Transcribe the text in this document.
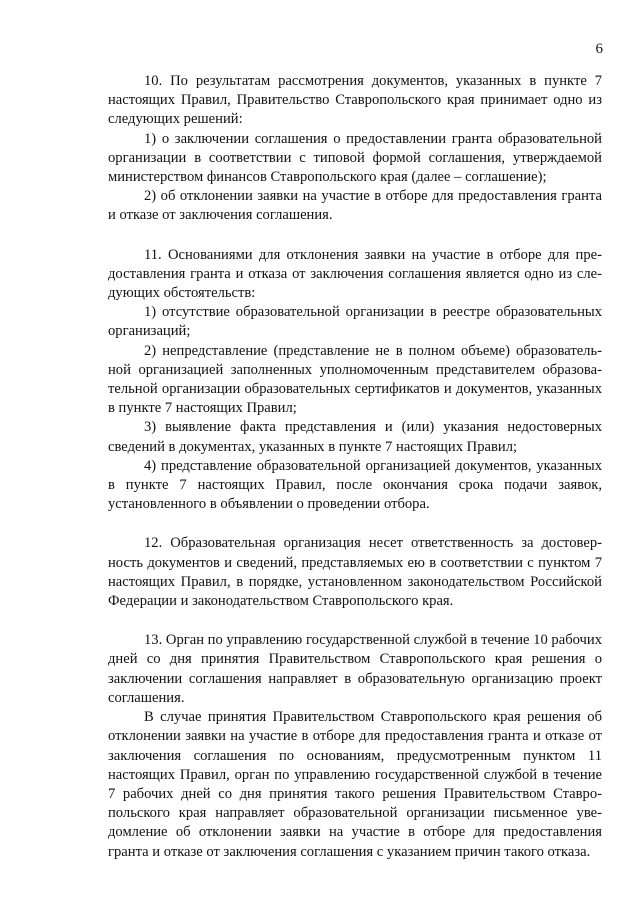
6

10. По результатам рассмотрения документов, указанных в пункте 7 настоящих Правил, Правительство Ставропольского края принимает одно из следующих решений:

1) о заключении соглашения о предоставлении гранта образовательной организации в соответствии с типовой формой соглашения, утверждаемой министерством финансов Ставропольского края (далее – соглашение);

2) об отклонении заявки на участие в отборе для предоставления гранта и отказе от заключения соглашения.

11. Основаниями для отклонения заявки на участие в отборе для предоставления гранта и отказа от заключения соглашения является одно из следующих обстоятельств:

1) отсутствие образовательной организации в реестре образовательных организаций;

2) непредставление (представление не в полном объеме) образовательной организацией заполненных уполномоченным представителем образовательной организации образовательных сертификатов и документов, указанных в пункте 7 настоящих Правил;

3) выявление факта представления и (или) указания недостоверных сведений в документах, указанных в пункте 7 настоящих Правил;

4) представление образовательной организацией документов, указанных в пункте 7 настоящих Правил, после окончания срока подачи заявок, установленного в объявлении о проведении отбора.

12. Образовательная организация несет ответственность за достоверность документов и сведений, представляемых ею в соответствии с пунктом 7 настоящих Правил, в порядке, установленном законодательством Российской Федерации и законодательством Ставропольского края.

13. Орган по управлению государственной службой в течение 10 рабочих дней со дня принятия Правительством Ставропольского края решения о заключении соглашения направляет в образовательную организацию проект соглашения.

В случае принятия Правительством Ставропольского края решения об отклонении заявки на участие в отборе для предоставления гранта и отказе от заключения соглашения по основаниям, предусмотренным пунктом 11 настоящих Правил, орган по управлению государственной службой в течение 7 рабочих дней со дня принятия такого решения Правительством Ставропольского края направляет образовательной организации письменное уведомление об отклонении заявки на участие в отборе для предоставления гранта и отказе от заключения соглашения с указанием причин такого отказа.
